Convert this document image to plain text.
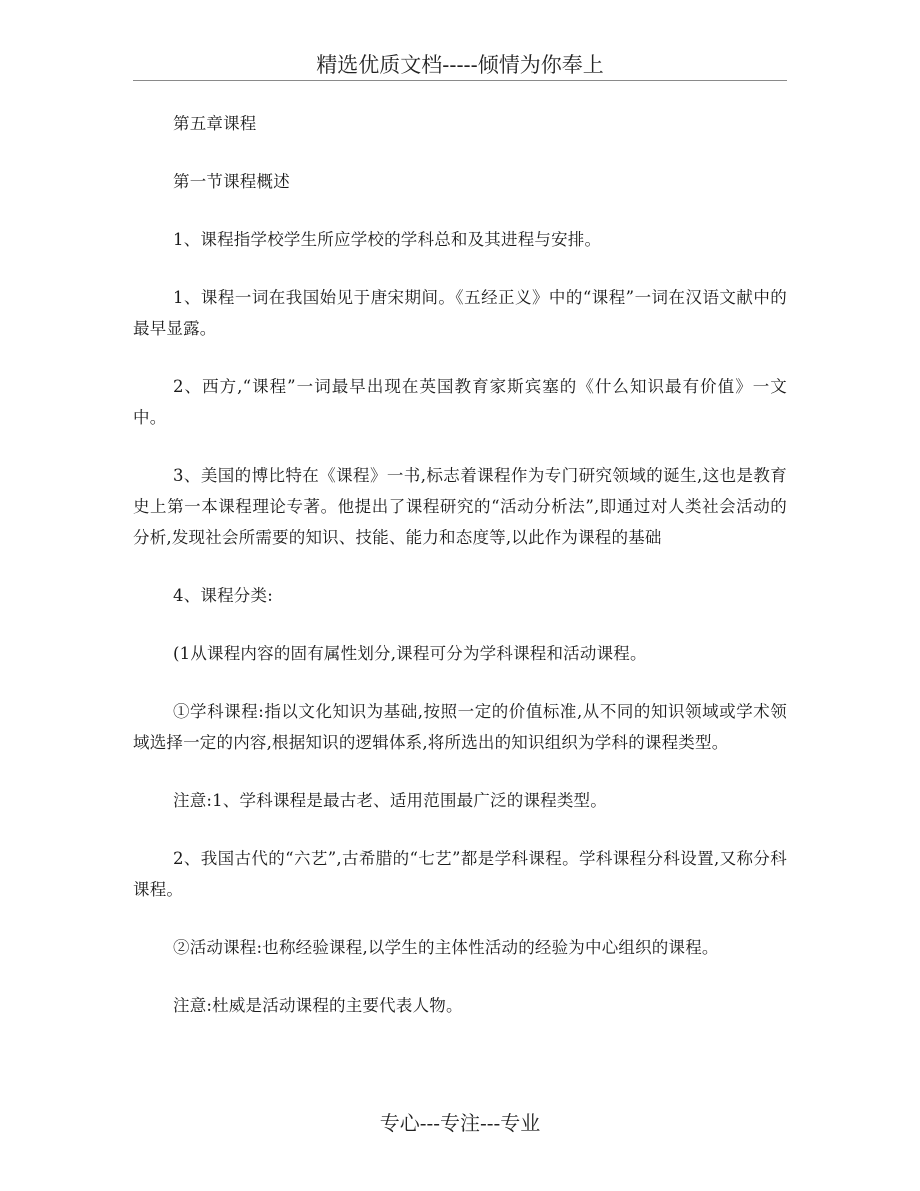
精选优质文档-----倾情为你奉上

第五章课程

第一节课程概述

1、课程指学校学生所应学校的学科总和及其进程与安排。

1、课程一词在我国始见于唐宋期间。《五经正义》中的“课程”一词在汉语文献中的最早显露。

2、西方,“课程”一词最早出现在英国教育家斯宾塞的《什么知识最有价值》一文中。

3、美国的博比特在《课程》一书,标志着课程作为专门研究领域的诞生,这也是教育史上第一本课程理论专著。他提出了课程研究的“活动分析法”,即通过对人类社会活动的分析,发现社会所需要的知识、技能、能力和态度等,以此作为课程的基础

4、课程分类:

(1从课程内容的固有属性划分,课程可分为学科课程和活动课程。

①学科课程:指以文化知识为基础,按照一定的价值标准,从不同的知识领域或学术领域选择一定的内容,根据知识的逻辑体系,将所选出的知识组织为学科的课程类型。

注意:1、学科课程是最古老、适用范围最广泛的课程类型。

2、我国古代的“六艺”,古希腊的“七艺”都是学科课程。学科课程分科设置,又称分科课程。

②活动课程:也称经验课程,以学生的主体性活动的经验为中心组织的课程。

注意:杜威是活动课程的主要代表人物。

专心---专注---专业
